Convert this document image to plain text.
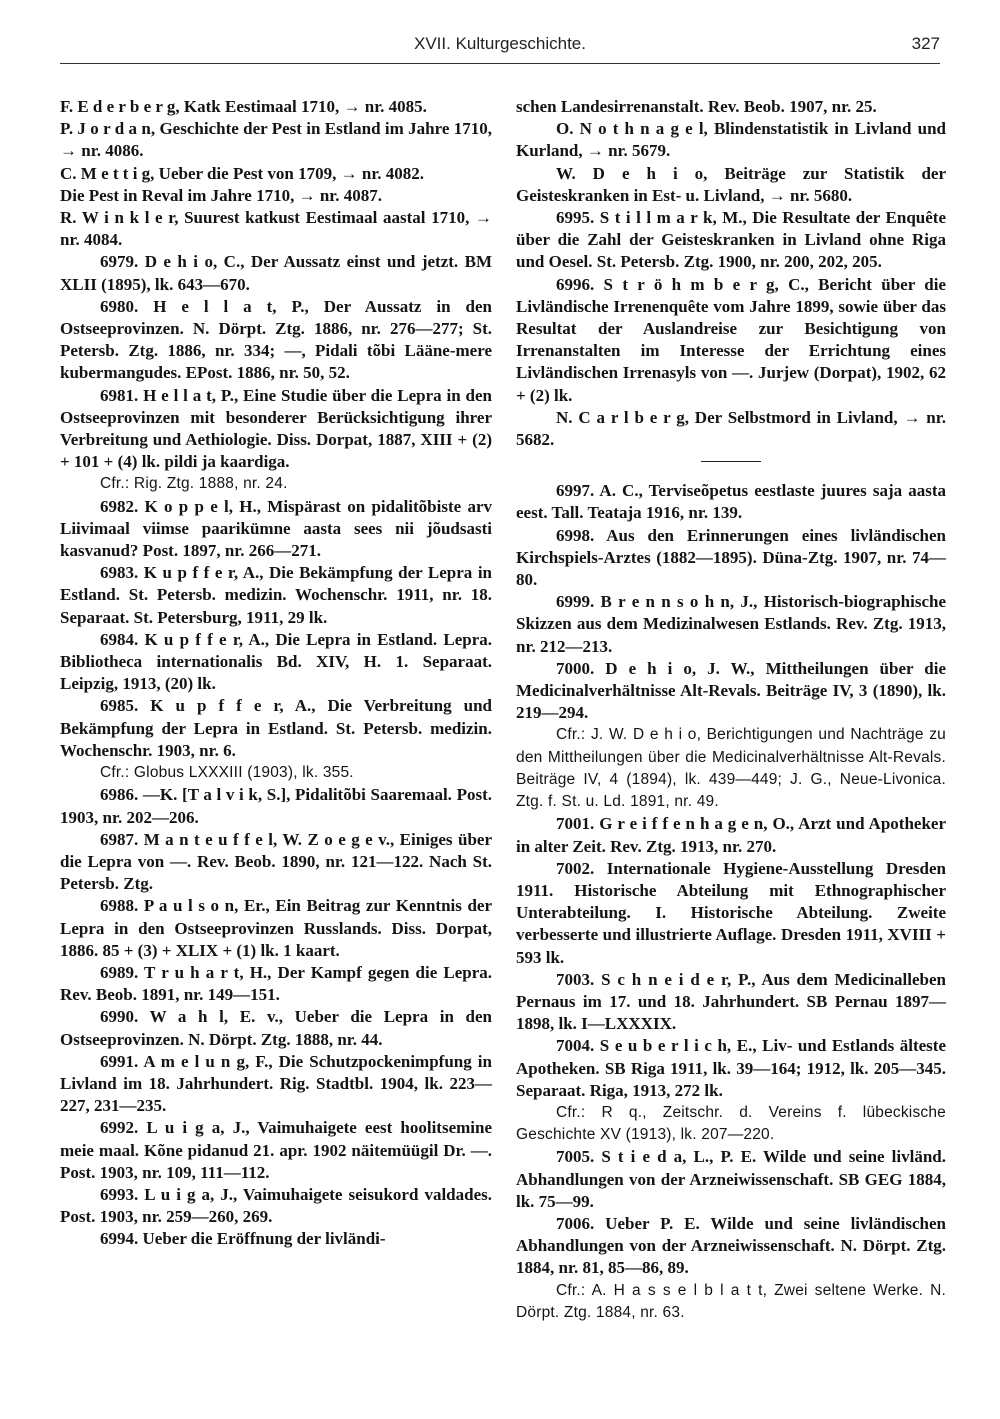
XVII. Kulturgeschichte.	327

F. E d e r b e r g, Katk Eestimaal 1710, → nr. 4085.

P. J o r d a n, Geschichte der Pest in Estland im Jahre 1710, → nr. 4086.

C. M e t t i g, Ueber die Pest von 1709, → nr. 4082.

Die Pest in Reval im Jahre 1710, → nr. 4087.

R. W i n k l e r, Suurest katkust Eestimaal aastal 1710, → nr. 4084.

6979. D e h i o, C., Der Aussatz einst und jetzt. BM XLII (1895), lk. 643—670.

6980. H e l l a t, P., Der Aussatz in den Ostseeprovinzen. N. Dörpt. Ztg. 1886, nr. 276—277; St. Petersb. Ztg. 1886, nr. 334; —, Pidali tõbi Lääne-mere kubermangudes. EPost. 1886, nr. 50, 52.

6981. H e l l a t, P., Eine Studie über die Lepra in den Ostseeprovinzen mit besonderer Berücksichtigung ihrer Verbreitung und Aethiologie. Diss. Dorpat, 1887, XIII + (2) + 101 + (4) lk. pildi ja kaardiga.

Cfr.: Rig. Ztg. 1888, nr. 24.

6982. K o p p e l, H., Mispärast on pidalitõbiste arv Liivimaal viimse paarikümne aasta sees nii jõudsasti kasvanud? Post. 1897, nr. 266—271.

6983. K u p f f e r, A., Die Bekämpfung der Lepra in Estland. St. Petersb. medizin. Wochenschr. 1911, nr. 18. Separaat. St. Petersburg, 1911, 29 lk.

6984. K u p f f e r, A., Die Lepra in Estland. Lepra. Bibliotheca internationalis Bd. XIV, H. 1. Separaat. Leipzig, 1913, (20) lk.

6985. K u p f f e r, A., Die Verbreitung und Bekämpfung der Lepra in Estland. St. Petersb. medizin. Wochenschr. 1903, nr. 6.

Cfr.: Globus LXXXIII (1903), lk. 355.

6986. —K. [T a l v i k, S.], Pidalitõbi Saaremaal. Post. 1903, nr. 202—206.

6987. M a n t e u f f e l, W. Z o e g e v., Einiges über die Lepra von —. Rev. Beob. 1890, nr. 121—122. Nach St. Petersb. Ztg.

6988. P a u l s o n, Er., Ein Beitrag zur Kenntnis der Lepra in den Ostseeprovinzen Russlands. Diss. Dorpat, 1886. 85 + (3) + XLIX + (1) lk. 1 kaart.

6989. T r u h a r t, H., Der Kampf gegen die Lepra. Rev. Beob. 1891, nr. 149—151.

6990. W a h l, E. v., Ueber die Lepra in den Ostseeprovinzen. N. Dörpt. Ztg. 1888, nr. 44.

6991. A m e l u n g, F., Die Schutzpockenimpfung in Livland im 18. Jahrhundert. Rig. Stadtbl. 1904, lk. 223—227, 231—235.

6992. L u i g a, J., Vaimuhaigete eest hoolitsemine meie maal. Kõne pidanud 21. apr. 1902 näitemüügil Dr. —. Post. 1903, nr. 109, 111—112.

6993. L u i g a, J., Vaimuhaigete seisukord valdades. Post. 1903, nr. 259—260, 269.

6994. Ueber die Eröffnung der livländi-

schen Landesirrenanstalt. Rev. Beob. 1907, nr. 25.

O. N o t h n a g e l, Blindenstatistik in Livland und Kurland, → nr. 5679.

W. D e h i o, Beiträge zur Statistik der Geisteskranken in Est- u. Livland, → nr. 5680.

6995. S t i l l m a r k, M., Die Resultate der Enquête über die Zahl der Geisteskranken in Livland ohne Riga und Oesel. St. Petersb. Ztg. 1900, nr. 200, 202, 205.

6996. S t r ö h m b e r g, C., Bericht über die Livländische Irrenenquête vom Jahre 1899, sowie über das Resultat der Auslandreise zur Besichtigung von Irrenanstalten im Interesse der Errichtung eines Livländischen Irrenasyls von —. Jurjew (Dorpat), 1902, 62 + (2) lk.

N. C a r l b e r g, Der Selbstmord in Livland, → nr. 5682.

6997. A. C., Terviseõpetus eestlaste juures saja aasta eest. Tall. Teataja 1916, nr. 139.

6998. Aus den Erinnerungen eines livländischen Kirchspiels-Arztes (1882—1895). Düna-Ztg. 1907, nr. 74—80.

6999. B r e n n s o h n, J., Historisch-biographische Skizzen aus dem Medizinalwesen Estlands. Rev. Ztg. 1913, nr. 212—213.

7000. D e h i o, J. W., Mittheilungen über die Medicinalverhältnisse Alt-Revals. Beiträge IV, 3 (1890), lk. 219—294.

Cfr.: J. W. D e h i o, Berichtigungen und Nachträge zu den Mittheilungen über die Medicinalverhältnisse Alt-Revals. Beiträge IV, 4 (1894), lk. 439—449; J. G., Neue-Livonica. Ztg. f. St. u. Ld. 1891, nr. 49.

7001. G r e i f f e n h a g e n, O., Arzt und Apotheker in alter Zeit. Rev. Ztg. 1913, nr. 270.

7002. Internationale Hygiene-Ausstellung Dresden 1911. Historische Abteilung mit Ethnographischer Unterabteilung. I. Historische Abteilung. Zweite verbesserte und illustrierte Auflage. Dresden 1911, XVIII + 593 lk.

7003. S c h n e i d e r, P., Aus dem Medicinalleben Pernaus im 17. und 18. Jahrhundert. SB Pernau 1897—1898, lk. I—LXXXIX.

7004. S e u b e r l i c h, E., Liv- und Estlands älteste Apotheken. SB Riga 1911, lk. 39—164; 1912, lk. 205—345. Separaat. Riga, 1913, 272 lk.

Cfr.: R q., Zeitschr. d. Vereins f. lübeckische Geschichte XV (1913), lk. 207—220.

7005. S t i e d a, L., P. E. Wilde und seine livländ. Abhandlungen von der Arzneiwissenschaft. SB GEG 1884, lk. 75—99.

7006. Ueber P. E. Wilde und seine livländischen Abhandlungen von der Arzneiwissenschaft. N. Dörpt. Ztg. 1884, nr. 81, 85—86, 89.

Cfr.: A. H a s s e l b l a t t, Zwei seltene Werke. N. Dörpt. Ztg. 1884, nr. 63.
